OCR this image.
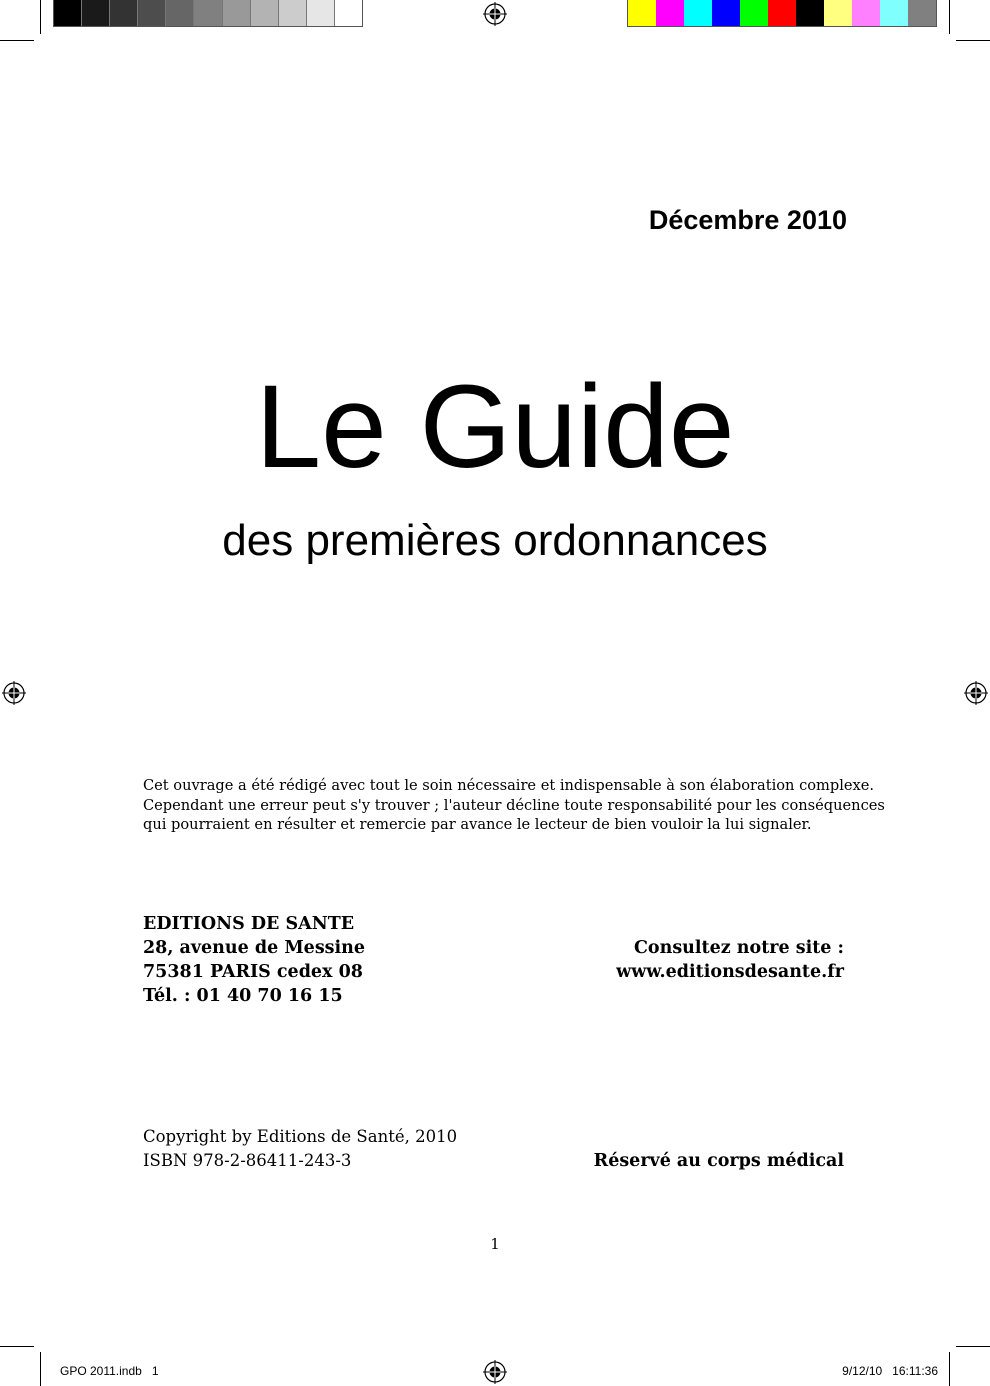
Décembre 2010
Le Guide
des premières ordonnances
Cet ouvrage a été rédigé avec tout le soin nécessaire et indispensable à son élaboration complexe.
Cependant une erreur peut s'y trouver ; l'auteur décline toute responsabilité pour les conséquences
qui pourraient en résulter et remercie par avance le lecteur de bien vouloir la lui signaler.
EDITIONS DE SANTE
28, avenue de Messine
75381 PARIS cedex 08
Tél. : 01 40 70 16 15
Consultez notre site :
www.editionsdesante.fr
Copyright by Editions de Santé, 2010
ISBN 978-2-86411-243-3	Réservé au corps médical
1
GPO 2011.indb   1	9/12/10   16:11:36
